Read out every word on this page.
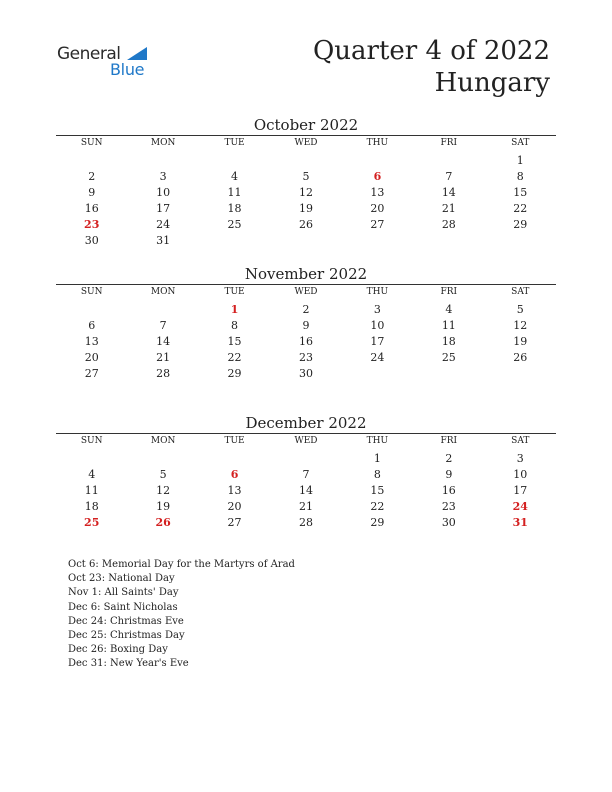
General
Blue
Quarter 4 of 2022
Hungary
October 2022
SUN	MON	TUE	WED	THU	FRI	SAT

						1
2	3	4	5	6	7	8
9	10	11	12	13	14	15
16	17	18	19	20	21	22
23	24	25	26	27	28	29
30	31					
November 2022
SUN	MON	TUE	WED	THU	FRI	SAT

		1	2	3	4	5
6	7	8	9	10	11	12
13	14	15	16	17	18	19
20	21	22	23	24	25	26
27	28	29	30			
December 2022
SUN	MON	TUE	WED	THU	FRI	SAT

				1	2	3
4	5	6	7	8	9	10
11	12	13	14	15	16	17
18	19	20	21	22	23	24
25	26	27	28	29	30	31
Oct 6: Memorial Day for the Martyrs of Arad
Oct 23: National Day
Nov 1: All Saints' Day
Dec 6: Saint Nicholas
Dec 24: Christmas Eve
Dec 25: Christmas Day
Dec 26: Boxing Day
Dec 31: New Year's Eve
